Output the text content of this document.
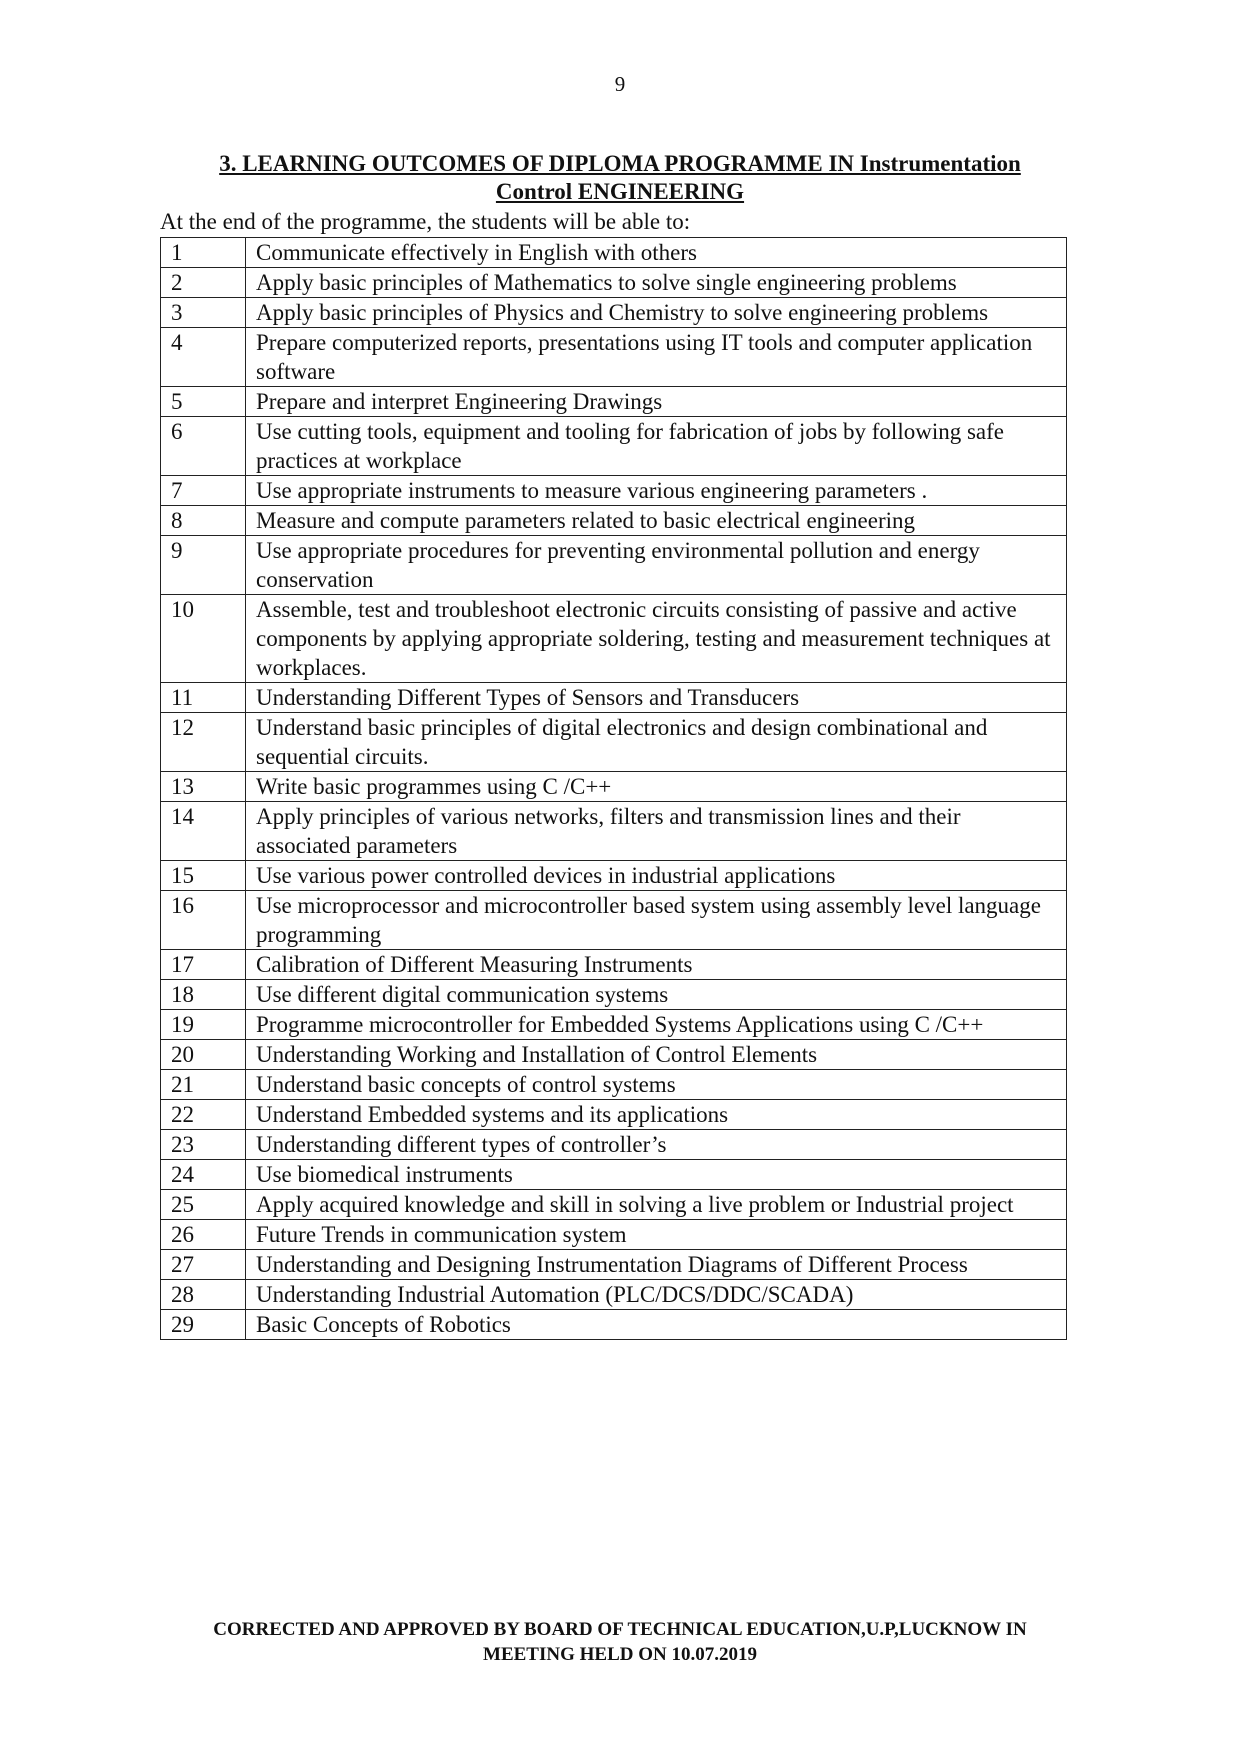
9
3. LEARNING OUTCOMES OF DIPLOMA PROGRAMME IN Instrumentation
Control ENGINEERING
At the end of the programme, the students will be able to:
1	Communicate effectively in English with others
2	Apply basic principles of Mathematics to solve single engineering problems
3	Apply basic principles of Physics and Chemistry to solve engineering problems
4	Prepare computerized reports, presentations using IT tools and computer application software
5	Prepare and interpret Engineering Drawings
6	Use cutting tools, equipment and tooling for fabrication of jobs by following safe practices at workplace
7	Use appropriate instruments to measure various engineering parameters .
8	Measure and compute parameters related to basic electrical engineering
9	Use appropriate procedures for preventing environmental pollution and energy conservation
10	Assemble, test and troubleshoot electronic circuits consisting of passive and active components by applying appropriate soldering, testing and measurement techniques at workplaces.
11	Understanding Different Types of Sensors and Transducers
12	Understand basic principles of digital electronics and design combinational and sequential circuits.
13	Write basic programmes using C /C++
14	Apply principles of various networks, filters and transmission lines and their associated parameters
15	Use various power controlled devices in industrial applications
16	Use microprocessor and microcontroller based system using assembly level language programming
17	Calibration of Different Measuring Instruments
18	Use different digital communication systems
19	Programme microcontroller for Embedded Systems Applications using C /C++
20	Understanding Working and Installation of Control Elements
21	Understand basic concepts of control systems
22	Understand Embedded systems and its applications
23	Understanding different types of controller’s
24	Use biomedical instruments
25	Apply acquired knowledge and skill in solving a live problem or Industrial project
26	Future Trends in communication system
27	Understanding and Designing Instrumentation Diagrams of Different Process
28	Understanding Industrial Automation (PLC/DCS/DDC/SCADA)
29	Basic Concepts of Robotics
CORRECTED AND APPROVED BY BOARD OF TECHNICAL EDUCATION,U.P,LUCKNOW IN
MEETING HELD ON 10.07.2019
